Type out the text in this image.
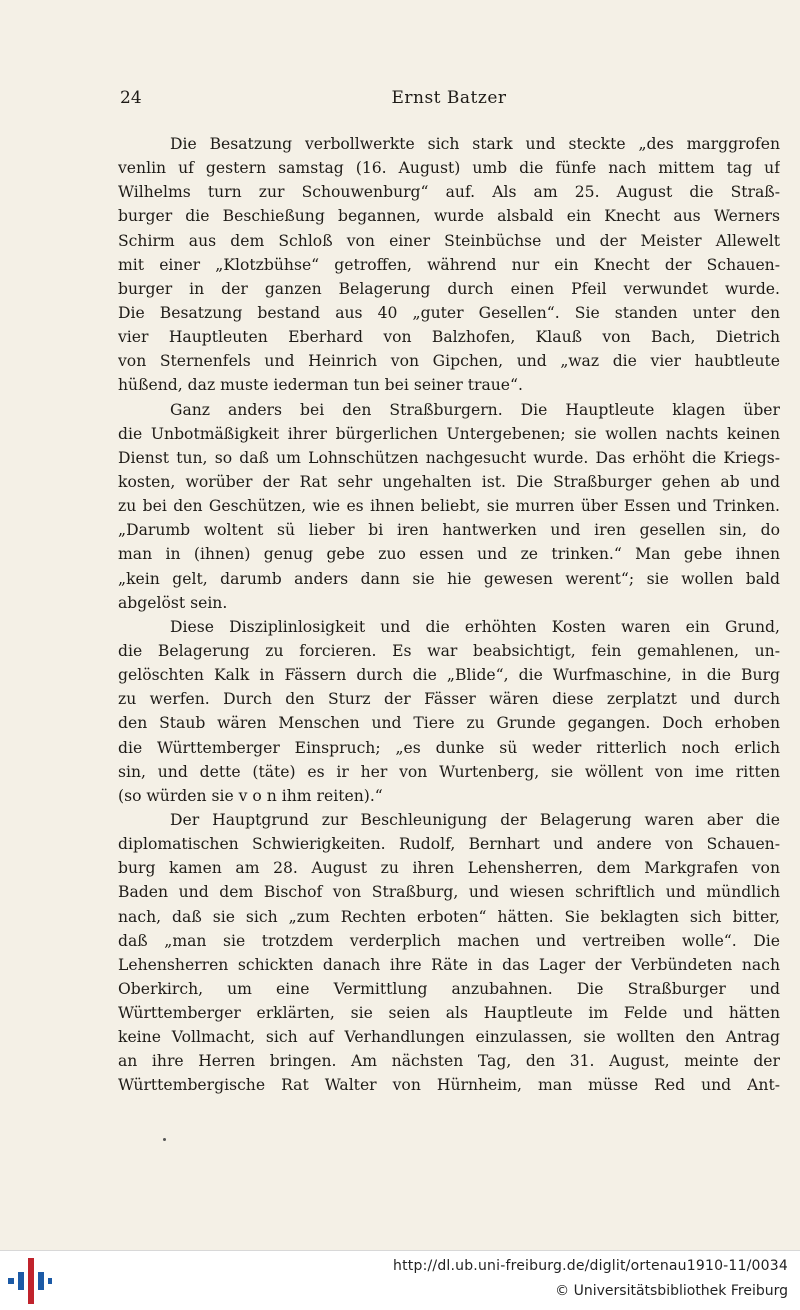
24	Ernst Batzer
Die Besatzung verbollwerkte sich stark und steckte „des marggrofen
venlin uf gestern samstag (16. August) umb die fünfe nach mittem tag uf
Wilhelms turn zur Schouwenburg“ auf. Als am 25. August die Straß-
burger die Beschießung begannen, wurde alsbald ein Knecht aus Werners
Schirm aus dem Schloß von einer Steinbüchse und der Meister Allewelt
mit einer „Klotzbühse“ getroffen, während nur ein Knecht der Schauen-
burger in der ganzen Belagerung durch einen Pfeil verwundet wurde.
Die Besatzung bestand aus 40 „guter Gesellen“. Sie standen unter den
vier Hauptleuten Eberhard von Balzhofen, Klauß von Bach, Dietrich
von Sternenfels und Heinrich von Gipchen, und „waz die vier haubtleute
hüßend, daz muste iederman tun bei seiner traue“.
Ganz anders bei den Straßburgern. Die Hauptleute klagen über
die Unbotmäßigkeit ihrer bürgerlichen Untergebenen; sie wollen nachts keinen
Dienst tun, so daß um Lohnschützen nachgesucht wurde. Das erhöht die Kriegs-
kosten, worüber der Rat sehr ungehalten ist. Die Straßburger gehen ab und
zu bei den Geschützen, wie es ihnen beliebt, sie murren über Essen und Trinken.
„Darumb woltent sü lieber bi iren hantwerken und iren gesellen sin, do
man in (ihnen) genug gebe zuo essen und ze trinken.“ Man gebe ihnen
„kein gelt, darumb anders dann sie hie gewesen werent“; sie wollen bald
abgelöst sein.
Diese Disziplinlosigkeit und die erhöhten Kosten waren ein Grund,
die Belagerung zu forcieren. Es war beabsichtigt, fein gemahlenen, un-
gelöschten Kalk in Fässern durch die „Blide“, die Wurfmaschine, in die Burg
zu werfen. Durch den Sturz der Fässer wären diese zerplatzt und durch
den Staub wären Menschen und Tiere zu Grunde gegangen. Doch erhoben
die Württemberger Einspruch; „es dunke sü weder ritterlich noch erlich
sin, und dette (täte) es ir her von Wurtenberg, sie wöllent von ime ritten
(so würden sie v o n ihm reiten).“
Der Hauptgrund zur Beschleunigung der Belagerung waren aber die
diplomatischen Schwierigkeiten. Rudolf, Bernhart und andere von Schauen-
burg kamen am 28. August zu ihren Lehensherren, dem Markgrafen von
Baden und dem Bischof von Straßburg, und wiesen schriftlich und mündlich
nach, daß sie sich „zum Rechten erboten“ hätten. Sie beklagten sich bitter,
daß „man sie trotzdem verderplich machen und vertreiben wolle“. Die
Lehensherren schickten danach ihre Räte in das Lager der Verbündeten nach
Oberkirch, um eine Vermittlung anzubahnen. Die Straßburger und
Württemberger erklärten, sie seien als Hauptleute im Felde und hätten
keine Vollmacht, sich auf Verhandlungen einzulassen, sie wollten den Antrag
an ihre Herren bringen. Am nächsten Tag, den 31. August, meinte der
Württembergische Rat Walter von Hürnheim, man müsse Red und Ant-
http://dl.ub.uni-freiburg.de/diglit/ortenau1910-11/0034
© Universitätsbibliothek Freiburg
